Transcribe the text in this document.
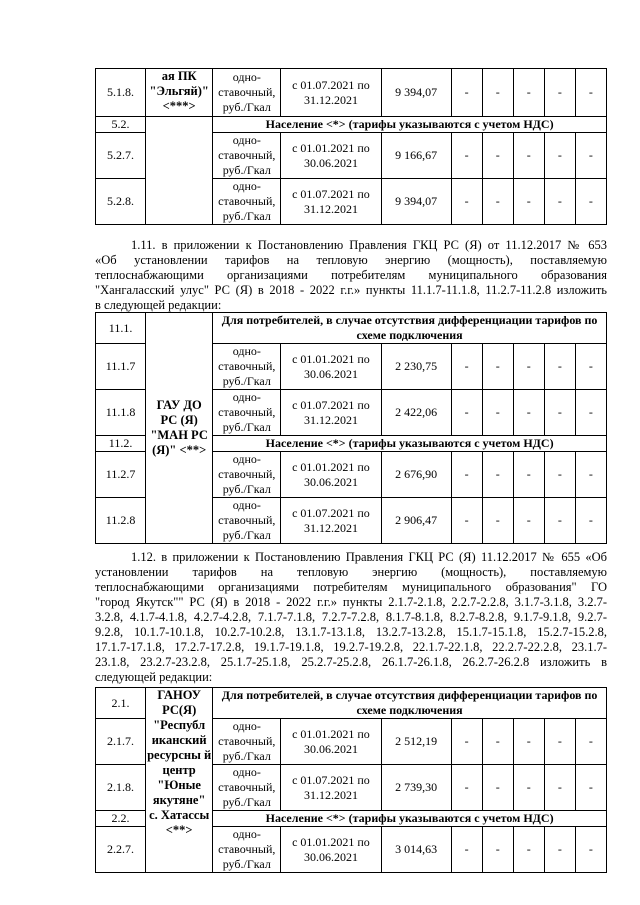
5.1.8.	ая ПК "Эльгяй)" <***>	одно-ставочный, руб./Гкал	с 01.07.2021 по 31.12.2021	9 394,07	-	-	-	-	-
5.2.		Население <*> (тарифы указываются с учетом НДС)							
5.2.7.		одно-ставочный, руб./Гкал	с 01.01.2021 по 30.06.2021	9 166,67	-	-	-	-	-
5.2.8.		одно-ставочный, руб./Гкал	с 01.07.2021 по 31.12.2021	9 394,07	-	-	-	-	-
1.11. в приложении к Постановлению Правления ГКЦ РС (Я) от 11.12.2017 № 653
«Об установлении тарифов на тепловую энергию (мощность), поставляемую
теплоснабжающими организациями потребителям муниципального образования
"Хангаласский улус" РС (Я) в 2018 - 2022 г.г.» пункты 11.1.7-11.1.8, 11.2.7-11.2.8 изложить
в следующей редакции:
11.1.	ГАУ ДО РС (Я) "МАН РС (Я)" <**>	Для потребителей, в случае отсутствия дифференциации тарифов по схеме подключения							
11.1.7		одно-ставочный, руб./Гкал	с 01.01.2021 по 30.06.2021	2 230,75	-	-	-	-	-
11.1.8		одно-ставочный, руб./Гкал	с 01.07.2021 по 31.12.2021	2 422,06	-	-	-	-	-
11.2.		Население <*> (тарифы указываются с учетом НДС)							
11.2.7		одно-ставочный, руб./Гкал	с 01.01.2021 по 30.06.2021	2 676,90	-	-	-	-	-
11.2.8		одно-ставочный, руб./Гкал	с 01.07.2021 по 31.12.2021	2 906,47	-	-	-	-	-
1.12. в приложении к Постановлению Правления ГКЦ РС (Я) 11.12.2017 № 655 «Об
установлении тарифов на тепловую энергию (мощность), поставляемую
теплоснабжающими организациями потребителям муниципального образования" ГО
"город Якутск"" РС (Я) в 2018 - 2022 г.г.» пункты 2.1.7-2.1.8, 2.2.7-2.2.8, 3.1.7-3.1.8, 3.2.7-
3.2.8, 4.1.7-4.1.8, 4.2.7-4.2.8, 7.1.7-7.1.8, 7.2.7-7.2.8, 8.1.7-8.1.8, 8.2.7-8.2.8, 9.1.7-9.1.8, 9.2.7-
9.2.8, 10.1.7-10.1.8, 10.2.7-10.2.8, 13.1.7-13.1.8, 13.2.7-13.2.8, 15.1.7-15.1.8, 15.2.7-15.2.8,
17.1.7-17.1.8, 17.2.7-17.2.8, 19.1.7-19.1.8, 19.2.7-19.2.8, 22.1.7-22.1.8, 22.2.7-22.2.8, 23.1.7-
23.1.8, 23.2.7-23.2.8, 25.1.7-25.1.8, 25.2.7-25.2.8, 26.1.7-26.1.8, 26.2.7-26.2.8 изложить в
следующей редакции:
2.1.	ГАНОУ РС(Я) "Республ иканский ресурсны й центр "Юные якутяне" с. Хатассы <**>	Для потребителей, в случае отсутствия дифференциации тарифов по схеме подключения							
2.1.7.		одно-ставочный, руб./Гкал	с 01.01.2021 по 30.06.2021	2 512,19	-	-	-	-	-
2.1.8.		одно-ставочный, руб./Гкал	с 01.07.2021 по 31.12.2021	2 739,30	-	-	-	-	-
2.2.		Население <*> (тарифы указываются с учетом НДС)							
2.2.7.		одно-ставочный, руб./Гкал	с 01.01.2021 по 30.06.2021	3 014,63	-	-	-	-	-
